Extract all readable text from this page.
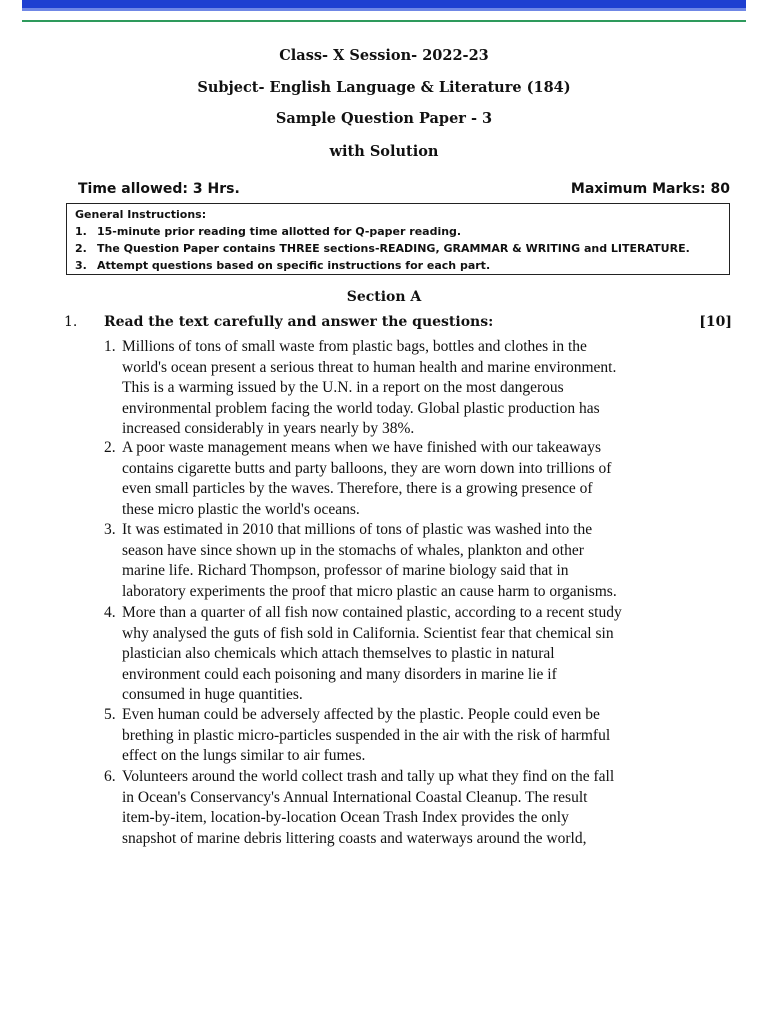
Class- X Session- 2022-23
Subject- English Language & Literature (184)
Sample Question Paper - 3
with Solution
Time allowed: 3 Hrs.	Maximum Marks: 80
General Instructions:
1. 15-minute prior reading time allotted for Q-paper reading.
2. The Question Paper contains THREE sections-READING, GRAMMAR & WRITING and LITERATURE.
3. Attempt questions based on specific instructions for each part.
Section A
1. Read the text carefully and answer the questions:	[10]
1. Millions of tons of small waste from plastic bags, bottles and clothes in the
world's ocean present a serious threat to human health and marine environment.
This is a warming issued by the U.N. in a report on the most dangerous
environmental problem facing the world today. Global plastic production has
increased considerably in years nearly by 38%.
2. A poor waste management means when we have finished with our takeaways
contains cigarette butts and party balloons, they are worn down into trillions of
even small particles by the waves. Therefore, there is a growing presence of
these micro plastic the world's oceans.
3. It was estimated in 2010 that millions of tons of plastic was washed into the
season have since shown up in the stomachs of whales, plankton and other
marine life. Richard Thompson, professor of marine biology said that in
laboratory experiments the proof that micro plastic an cause harm to organisms.
4. More than a quarter of all fish now contained plastic, according to a recent study
why analysed the guts of fish sold in California. Scientist fear that chemical sin
plastician also chemicals which attach themselves to plastic in natural
environment could each poisoning and many disorders in marine lie if
consumed in huge quantities.
5. Even human could be adversely affected by the plastic. People could even be
brething in plastic micro-particles suspended in the air with the risk of harmful
effect on the lungs similar to air fumes.
6. Volunteers around the world collect trash and tally up what they find on the fall
in Ocean's Conservancy's Annual International Coastal Cleanup. The result
item-by-item, location-by-location Ocean Trash Index provides the only
snapshot of marine debris littering coasts and waterways around the world,
